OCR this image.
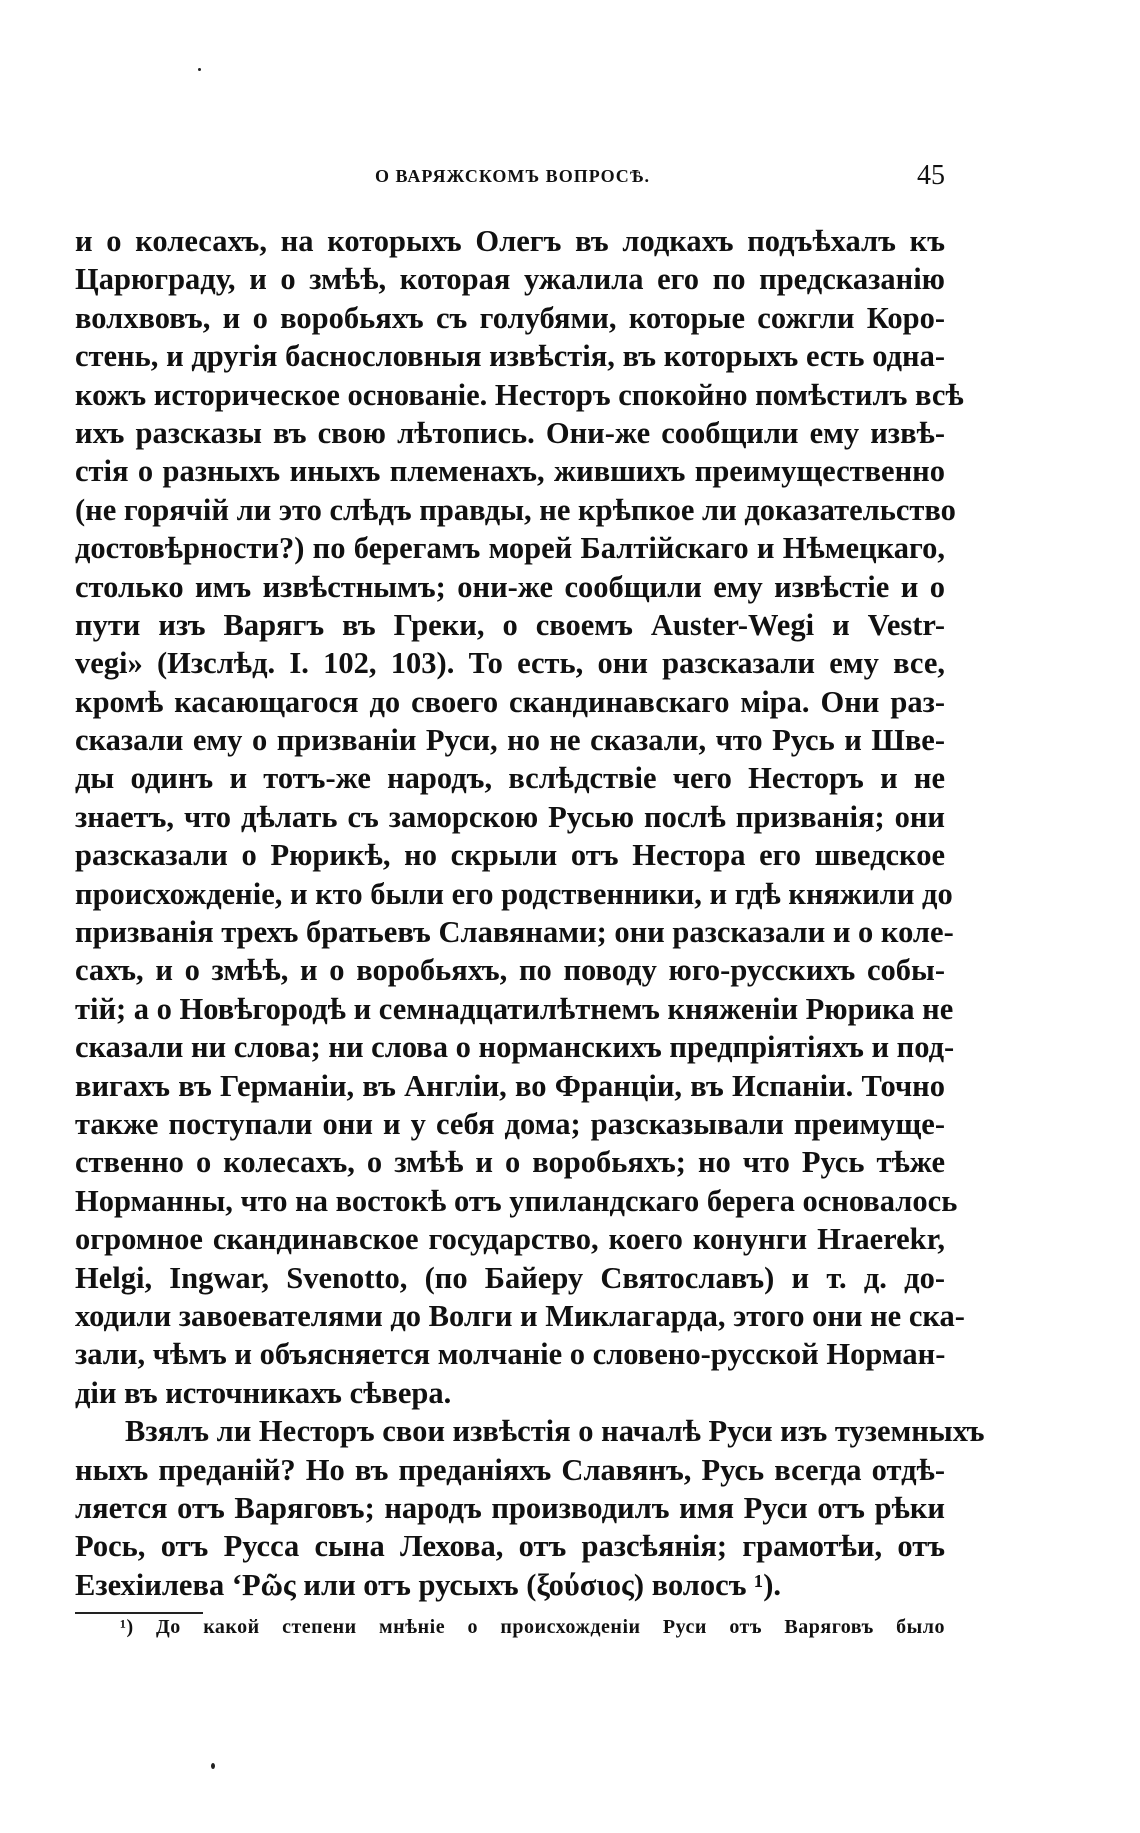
О ВАРЯЖСКОМЪ ВОПРОСѢ.	45
и о колесахъ, на которыхъ Олегъ въ лодкахъ подъѣхалъ къ
Царюграду, и о змѣѣ, которая ужалила его по предсказанію
волхвовъ, и о воробьяхъ съ голубями, которые сожгли Коро-
стень, и другія баснословныя извѣстія, въ которыхъ есть одна-
кожъ историческое основаніе. Несторъ спокойно помѣстилъ всѣ
ихъ разсказы въ свою лѣтопись. Они-же сообщили ему извѣ-
стія о разныхъ иныхъ племенахъ, жившихъ преимущественно
(не горячій ли это слѣдъ правды, не крѣпкое ли доказательство
достовѣрности?) по берегамъ морей Балтійскаго и Нѣмецкаго,
столько имъ извѣстнымъ; они-же сообщили ему извѣстіе и о
пути изъ Варягъ въ Греки, о своемъ Auster-Wegi и Vestr-
vegi» (Изслѣд. I. 102, 103). То есть, они разсказали ему все,
кромѣ касающагося до своего скандинавскаго міра. Они раз-
сказали ему о призваніи Руси, но не сказали, что Русь и Шве-
ды одинъ и тотъ-же народъ, вслѣдствіе чего Несторъ и не
знаетъ, что дѣлать съ заморскою Русью послѣ призванія; они
разсказали о Рюрикѣ, но скрыли отъ Нестора его шведское
происхожденіе, и кто были его родственники, и гдѣ княжили до
призванія трехъ братьевъ Славянами; они разсказали и о коле-
сахъ, и о змѣѣ, и о воробьяхъ, по поводу юго-русскихъ собы-
тій; а о Новѣгородѣ и семнадцатилѣтнемъ княженіи Рюрика не
сказали ни слова; ни слова о норманскихъ предпріятіяхъ и под-
вигахъ въ Германіи, въ Англіи, во Франціи, въ Испаніи. Точно
также поступали они и у себя дома; разсказывали преимуще-
ственно о колесахъ, о змѣѣ и о воробьяхъ; но что Русь тѣже
Норманны, что на востокѣ отъ упиландскаго берега основалось
огромное скандинавское государство, коего конунги Hraerekr,
Helgi, Ingwar, Svenotto, (по Байеру Святославъ) и т. д. до-
ходили завоевателями до Волги и Миклагарда, этого они не ска-
зали, чѣмъ и объясняется молчаніе о словено-русской Норман-
діи въ источникахъ сѣвера.
Взялъ ли Несторъ свои извѣстія о началѣ Руси изъ туземныхъ
ныхъ преданій? Но въ преданіяхъ Славянъ, Русь всегда отдѣ-
ляется отъ Варяговъ; народъ производилъ имя Руси отъ рѣки
Рось, отъ Русса сына Лехова, отъ разсѣянія; грамотѣи, отъ
Езехіилева ‘Ρῶς или отъ русыхъ (ξούσιος) волосъ ¹).
¹) До какой степени мнѣніе о происхожденіи Руси отъ Варяговъ было
